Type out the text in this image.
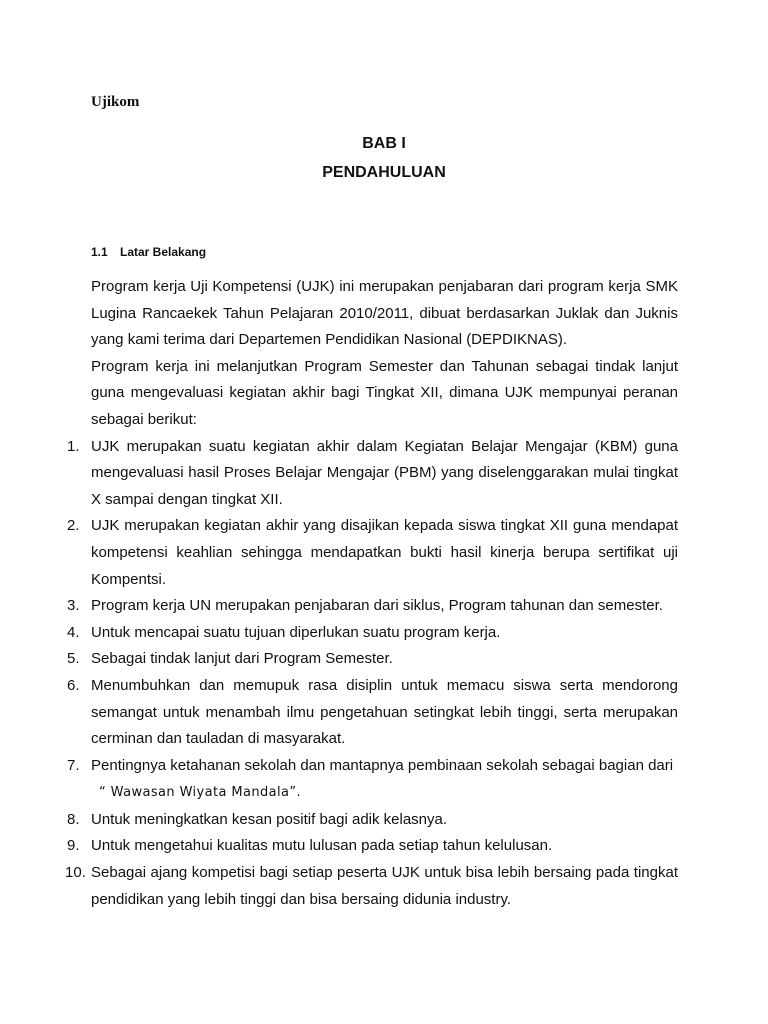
Ujikom
BAB I
PENDAHULUAN
1.1 Latar Belakang

Program kerja Uji Kompetensi (UJK) ini merupakan penjabaran dari program kerja SMK Lugina Rancaekek Tahun Pelajaran 2010/2011, dibuat berdasarkan Juklak dan Juknis yang kami terima dari Departemen Pendidikan Nasional (DEPDIKNAS).

Program kerja ini melanjutkan Program Semester dan Tahunan sebagai tindak lanjut guna mengevaluasi kegiatan akhir bagi Tingkat XII, dimana UJK mempunyai peranan sebagai berikut:

1. UJK merupakan suatu kegiatan akhir dalam Kegiatan Belajar Mengajar (KBM) guna mengevaluasi hasil Proses Belajar Mengajar (PBM) yang diselenggarakan mulai tingkat X sampai dengan tingkat XII.
2. UJK merupakan kegiatan akhir yang disajikan kepada siswa tingkat XII guna mendapat kompetensi keahlian sehingga mendapatkan bukti hasil kinerja berupa sertifikat uji Kompentsi.
3. Program kerja UN merupakan penjabaran dari siklus, Program tahunan dan semester.
4. Untuk mencapai suatu tujuan diperlukan suatu program kerja.
5. Sebagai tindak lanjut dari Program Semester.
6. Menumbuhkan dan memupuk rasa disiplin untuk memacu siswa serta mendorong semangat untuk menambah ilmu pengetahuan setingkat lebih tinggi, serta merupakan cerminan dan tauladan di masyarakat.
7. Pentingnya ketahanan sekolah dan mantapnya pembinaan sekolah sebagai bagian dari
“ Wawasan Wiyata Mandala”.
8. Untuk meningkatkan kesan positif bagi adik kelasnya.
9. Untuk mengetahui kualitas mutu lulusan pada setiap tahun kelulusan.
10. Sebagai ajang kompetisi bagi setiap peserta UJK untuk bisa lebih bersaing pada tingkat pendidikan yang lebih tinggi dan bisa bersaing didunia industry.
